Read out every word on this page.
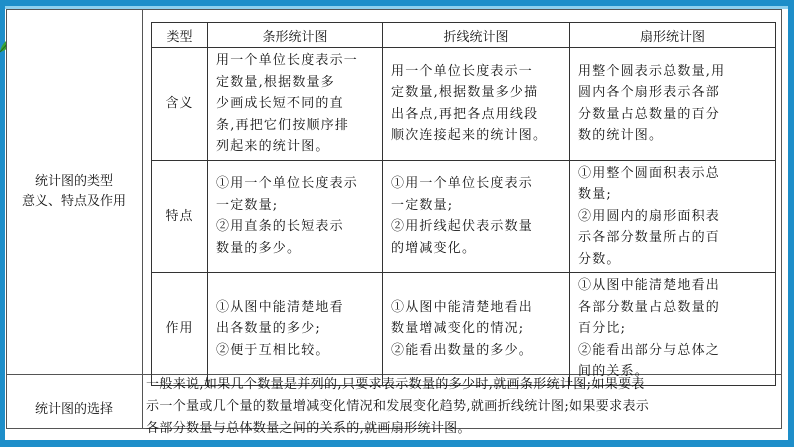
统计图的类型
意义、特点及作用
统计图的选择
类型	条形统计图	折线统计图	扇形统计图
含义	用一个单位长度表示一
定数量,根据数量多
少画成长短不同的直
条,再把它们按顺序排
列起来的统计图。	用一个单位长度表示一
定数量,根据数量多少描
出各点,再把各点用线段
顺次连接起来的统计图。	用整个圆表示总数量,用
圆内各个扇形表示各部
分数量占总数量的百分
数的统计图。

特点	①用一个单位长度表示
一定数量;
②用直条的长短表示
数量的多少。	①用一个单位长度表示
一定数量;
②用折线起伏表示数量
的增减变化。	①用整个圆面积表示总
数量;
②用圆内的扇形面积表
示各部分数量所占的百
分数。

作用	①从图中能清楚地看
出各数量的多少;
②便于互相比较。	①从图中能清楚地看出
数量增减变化的情况;
②能看出数量的多少。	①从图中能清楚地看出
各部分数量占总数量的
百分比;
②能看出部分与总体之
间的关系。
一般来说,如果几个数量是并列的,只要求表示数量的多少时,就画条形统计图;如果要表
示一个量或几个量的数量增减变化情况和发展变化趋势,就画折线统计图;如果要求表示
各部分数量与总体数量之间的关系的,就画扇形统计图。
